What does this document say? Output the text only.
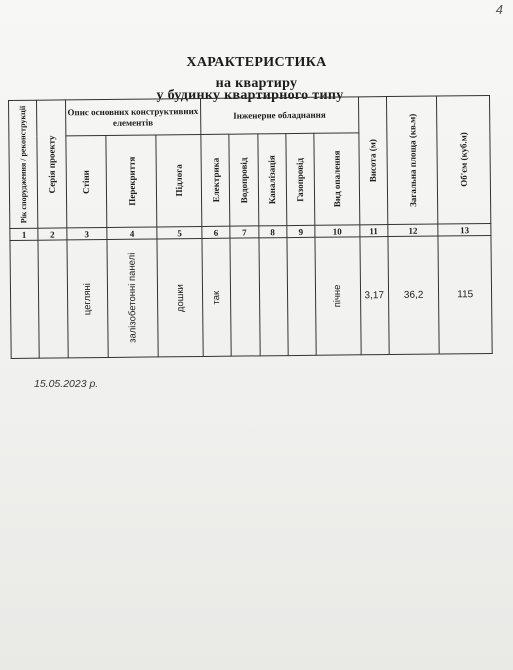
4
ХАРАКТЕРИСТИКА
на квартиру
у будинку квартирного типу
Рік спорудження / реконструкції	Серія проекту	Опис основних конструктивних елементів			Інженерне обладнання					Висота (м)	Загальна площа (кв.м)	Об'єм (куб.м)

		Стіни	Перекриття	Підлога	Електрика	Водопровід	Каналізація	Газопровід	Вид опалення			

1	2	3	4	5	6	7	8	9	10	11	12	13

		цегляні	залізобетонні панелі	дошки	так				пічне	3,17	36,2	115
15.05.2023 р.
